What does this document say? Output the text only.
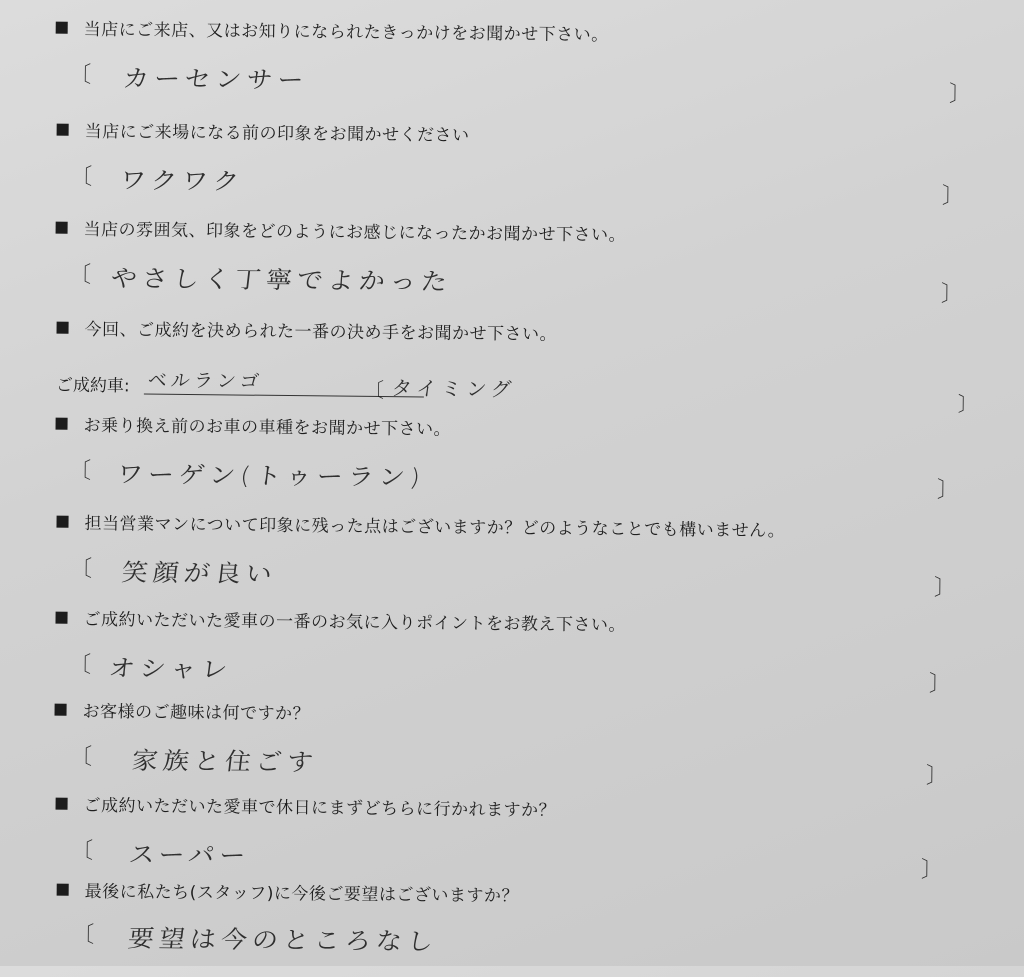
当店にご来店、又はお知りになられたきっかけをお聞かせ下さい。
〔 カーセンサー	〕
当店にご来場になる前の印象をお聞かせください
〔 ワクワク
〕
当店の雰囲気、印象をどのようにお感じになったかお聞かせ下さい。
〔 やさしく丁寧でよかった	〕
今回、ご成約を決められた一番の決め手をお聞かせ下さい。
ご成約車: ベルランゴ	〔 タイミング
〕
お乗り換え前のお車の車種をお聞かせ下さい。
〔 ワーゲン(トゥーラン)	〕
担当営業マンについて印象に残った点はございますか？どのようなことでも構いません。
〔 笑顔が良い	〕
ご成約いただいた愛車の一番のお気に入りポイントをお教え下さい。
〔 オシャレ
〕
お客様のご趣味は何ですか？
〔 家族と住ごす	〕
ご成約いただいた愛車で休日にまずどちらに行かれますか？
〔 スーパー
〕
最後に私たち(スタッフ)に今後ご要望はございますか？
〔 要望は今のところなし
